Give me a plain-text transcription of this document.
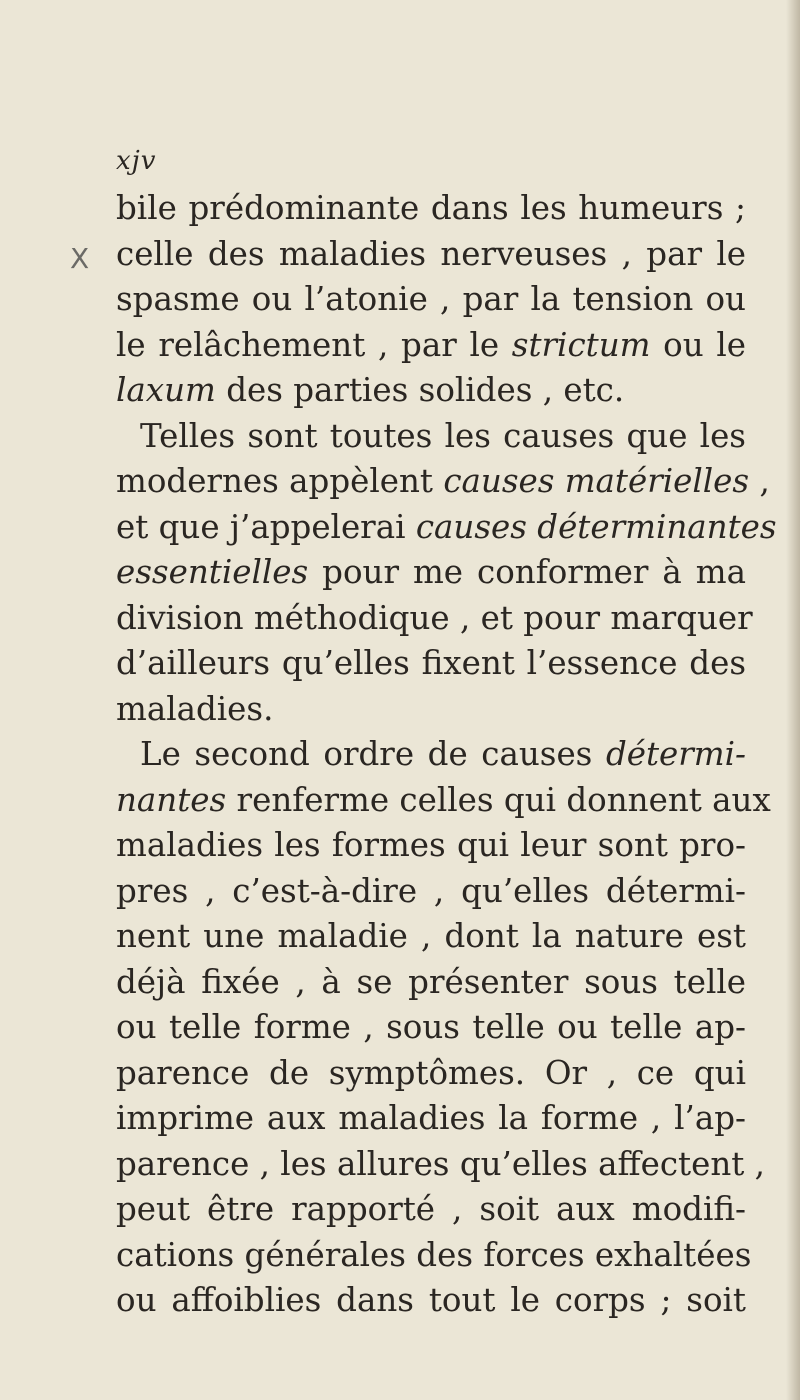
xjv
X
bile prédominante dans les humeurs ;
celle des maladies nerveuses , par le
spasme ou l’atonie , par la tension ou
le relâchement , par le strictum ou le
laxum des parties solides , etc.
Telles sont toutes les causes que les
modernes appèlent causes matérielles ,
et que j’appelerai causes déterminantes
essentielles pour me conformer à ma
division méthodique , et pour marquer
d’ailleurs qu’elles fixent l’essence des
maladies.
Le second ordre de causes détermi-
nantes renferme celles qui donnent aux
maladies les formes qui leur sont pro-
pres , c’est-à-dire , qu’elles détermi-
nent une maladie , dont la nature est
déjà fixée , à se présenter sous telle
ou telle forme , sous telle ou telle ap-
parence de symptômes. Or , ce qui
imprime aux maladies la forme , l’ap-
parence , les allures qu’elles affectent ,
peut être rapporté , soit aux modifi-
cations générales des forces exhaltées
ou affoiblies dans tout le corps ; soit
